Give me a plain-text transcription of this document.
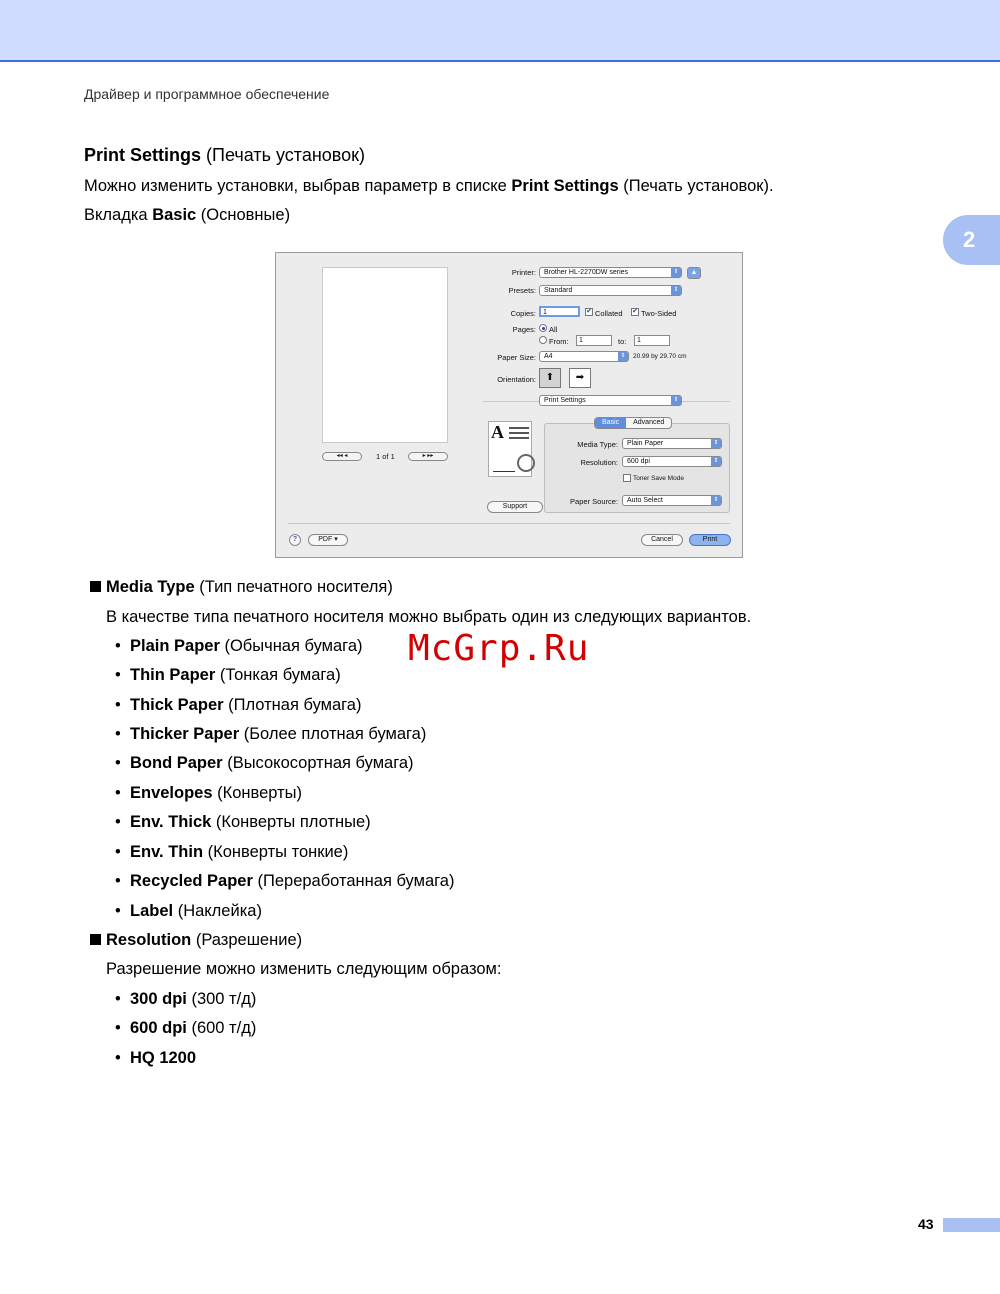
Драйвер и программное обеспечение
2
Print Settings (Печать установок)
Можно изменить установки, выбрав параметр в списке Print Settings (Печать установок).
Вкладка Basic (Основные)
◂◂ ◂	1 of 1	▸ ▸▸
Printer:	Brother HL-2270DW series	⇕	▲
Presets:	Standard	⇕
Copies:	1	✔ Collated ✔ Two-Sided
Pages: All
From:	1	to:	1
Paper Size:	A4	⇕	20.99 by 29.70 cm
Orientation: ⬆	➡
Print Settings	⇕
A	Basic	Advanced
Media Type:	Plain Paper	⇕
Resolution:	600 dpi	⇕
Toner Save Mode
Paper Source:	Auto Select	⇕
Support
?	PDF ▾	Cancel	Print
Media Type (Тип печатного носителя)
В качестве типа печатного носителя можно выбрать один из следующих вариантов.
• Plain Paper (Обычная бумага)
• Thin Paper (Тонкая бумага)
• Thick Paper (Плотная бумага)
• Thicker Paper (Более плотная бумага)
• Bond Paper (Высокосортная бумага)
• Envelopes (Конверты)
• Env. Thick (Конверты плотные)
• Env. Thin (Конверты тонкие)
• Recycled Paper (Переработанная бумага)
• Label (Наклейка)
Resolution (Разрешение)
Разрешение можно изменить следующим образом:
• 300 dpi (300 т/д)
• 600 dpi (600 т/д)
• HQ 1200
McGrp.Ru
43
